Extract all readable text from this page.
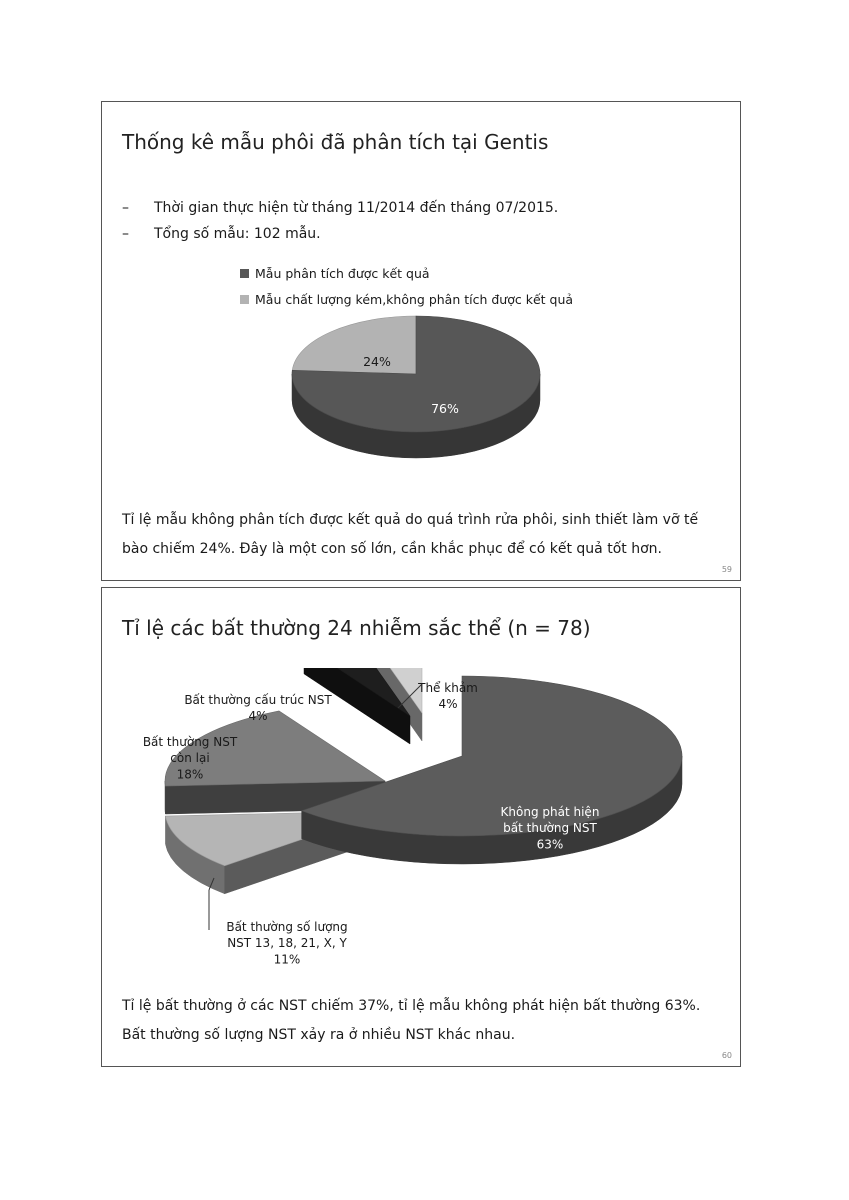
Thống kê mẫu phôi đã phân tích tại Gentis
– Thời gian thực hiện từ tháng 11/2014 đến tháng 07/2015.
– Tổng số mẫu: 102 mẫu.
Mẫu phân tích được kết quả
Mẫu chất lượng kém,không phân tích được kết quả
76%
24%
Tỉ lệ mẫu không phân tích được kết quả do quá trình rửa phôi, sinh thiết làm vỡ tế bào chiếm 24%. Đây là một con số lớn, cần khắc phục để có kết quả tốt hơn.
59
Tỉ lệ các bất thường 24 nhiễm sắc thể (n = 78)
Không phát hiện bất thường NST 63%
Bất thường số lượng NST 13, 18, 21, X, Y 11%
Bất thường NST còn lại 18%
Bất thường cấu trúc NST 4%
Thể khảm 4%
Tỉ lệ bất thường ở các NST chiếm 37%, tỉ lệ mẫu không phát hiện bất thường 63%. Bất thường số lượng NST xảy ra ở nhiều NST khác nhau.
60
